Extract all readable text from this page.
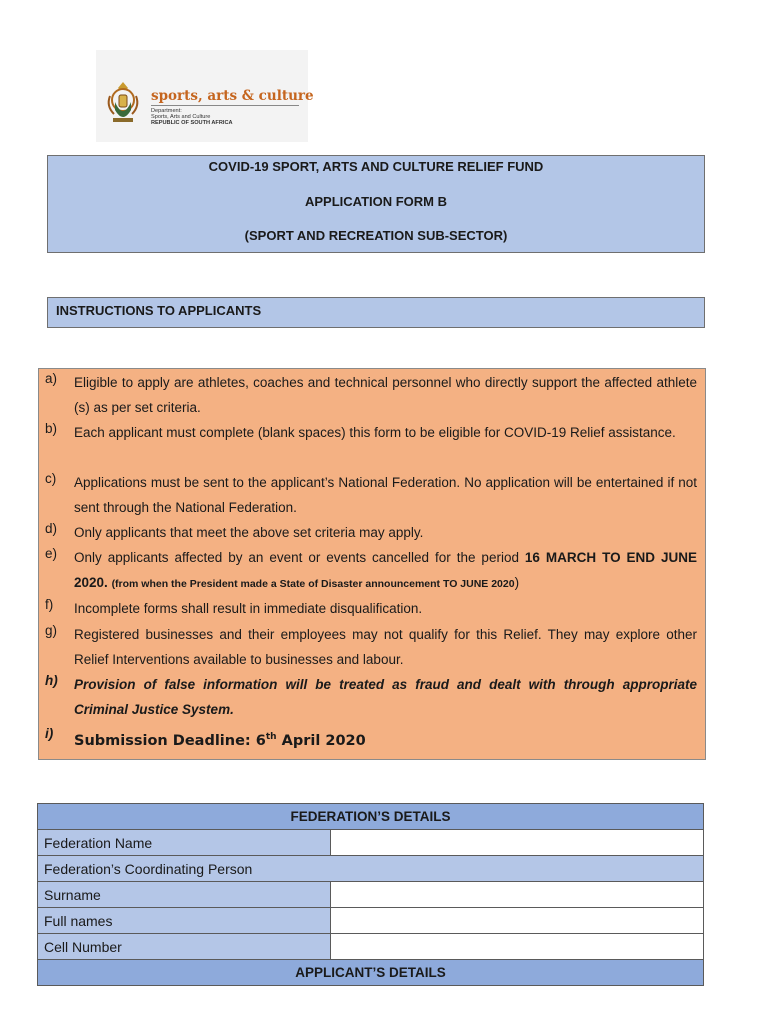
sports, arts & culture
Department:
Sports, Arts and Culture
REPUBLIC OF SOUTH AFRICA
COVID-19 SPORT, ARTS AND CULTURE RELIEF FUND
APPLICATION FORM B
(SPORT AND RECREATION SUB-SECTOR)
INSTRUCTIONS TO APPLICANTS
a) Eligible to apply are athletes, coaches and technical personnel who directly support the affected athlete (s) as per set criteria.
b) Each applicant must complete (blank spaces) this form to be eligible for COVID-19 Relief assistance.
c) Applications must be sent to the applicant’s National Federation. No application will be entertained if not sent through the National Federation.
d) Only applicants that meet the above set criteria may apply.
e) Only applicants affected by an event or events cancelled for the period 16 MARCH TO END JUNE 2020. (from when the President made a State of Disaster announcement TO JUNE 2020)
f) Incomplete forms shall result in immediate disqualification.
g) Registered businesses and their employees may not qualify for this Relief. They may explore other Relief Interventions available to businesses and labour.
h) Provision of false information will be treated as fraud and dealt with through appropriate Criminal Justice System.
i) Submission Deadline: 6th April 2020
FEDERATION’S DETAILS	
Federation Name	
Federation’s Coordinating Person	
Surname	
Full names	
Cell Number	
APPLICANT’S DETAILS	
